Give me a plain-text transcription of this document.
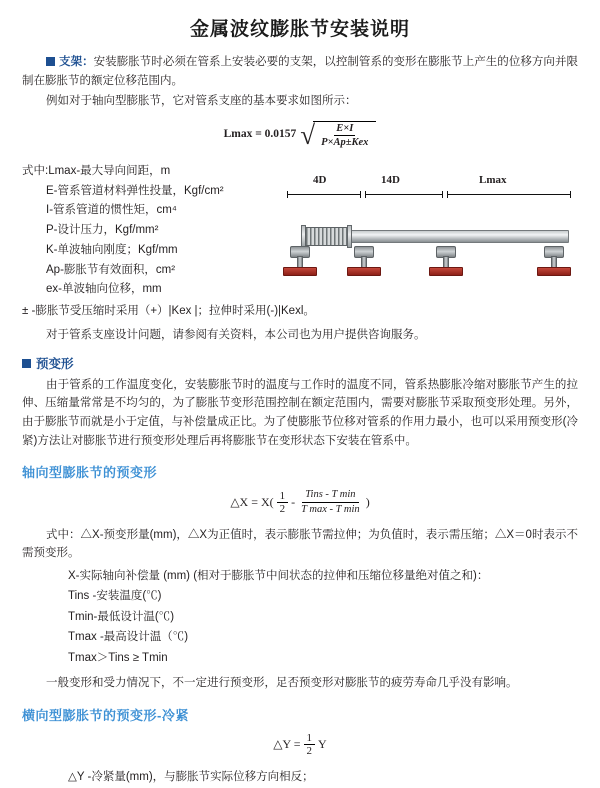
金属波纹膨胀节安装说明

支架：安装膨胀节时必须在管系上安装必要的支架，以控制管系的变形在膨胀节上产生的位移方向并限制在膨胀节的额定位移范围内。

例如对于轴向型膨胀节，它对管系支座的基本要求如图所示：

Lmax = 0.0157 √
$\frac{E\times I}{\text{P×Ap±Kex}}$
式中:Lmax-最大导向间距，m
E-管系管道材料弹性投量，Kgf/cm²
I-管系管道的惯性矩，cm⁴
P-设计压力，Kgf/mm²
K-单波轴向刚度；Kgf/mm
Ap-膨胀节有效面积，cm²
ex-单波轴向位移，mm
4D	14D	Lmax
± -膨胀节受压缩时采用（+）|Kex |；拉伸时采用(-)|Kexl。

对于管系支座设计问题，请参阅有关资料，本公司也为用户提供咨询服务。

预变形

由于管系的工作温度变化，安装膨胀节时的温度与工作时的温度不同，管系热膨胀冷缩对膨胀节产生的拉伸、压缩量常常是不均匀的，为了膨胀节变形范围控制在额定范围内，需要对膨胀节采取预变形处理。另外，由于膨胀节而就是小于定值，与补偿量成正比。为了使膨胀节位移对管系的作用力最小，也可以采用预变形(冷紧)方法让对膨胀节进行预变形处理后再将膨胀节在变形状态下安装在管系中。

轴向型膨胀节的预变形
△X = $X( \frac{1}{2}$ -
Tins - T min
T max - T min
)

式中：△X-预变形量(mm)，△X为正值时，表示膨胀节需拉伸；为负值时，表示需压缩；△X＝0时表示不需预变形。

X-实际轴向补偿量 (mm) (相对于膨胀节中间状态的拉伸和压缩位移量绝对值之和)：
Tins -安装温度(℃)
Tmin-最低设计温(℃)
Tmax -最高设计温（℃)
Tmax＞Tins ≥ Tmin

一般变形和受力情况下，不一定进行预变形，足否预变形对膨胀节的疲劳寿命几乎没有影响。

横向型膨胀节的预变形-冷紧
△Y = $\frac{1}{2}$ Y
△Y -冷紧量(mm)，与膨胀节实际位移方向相反；
